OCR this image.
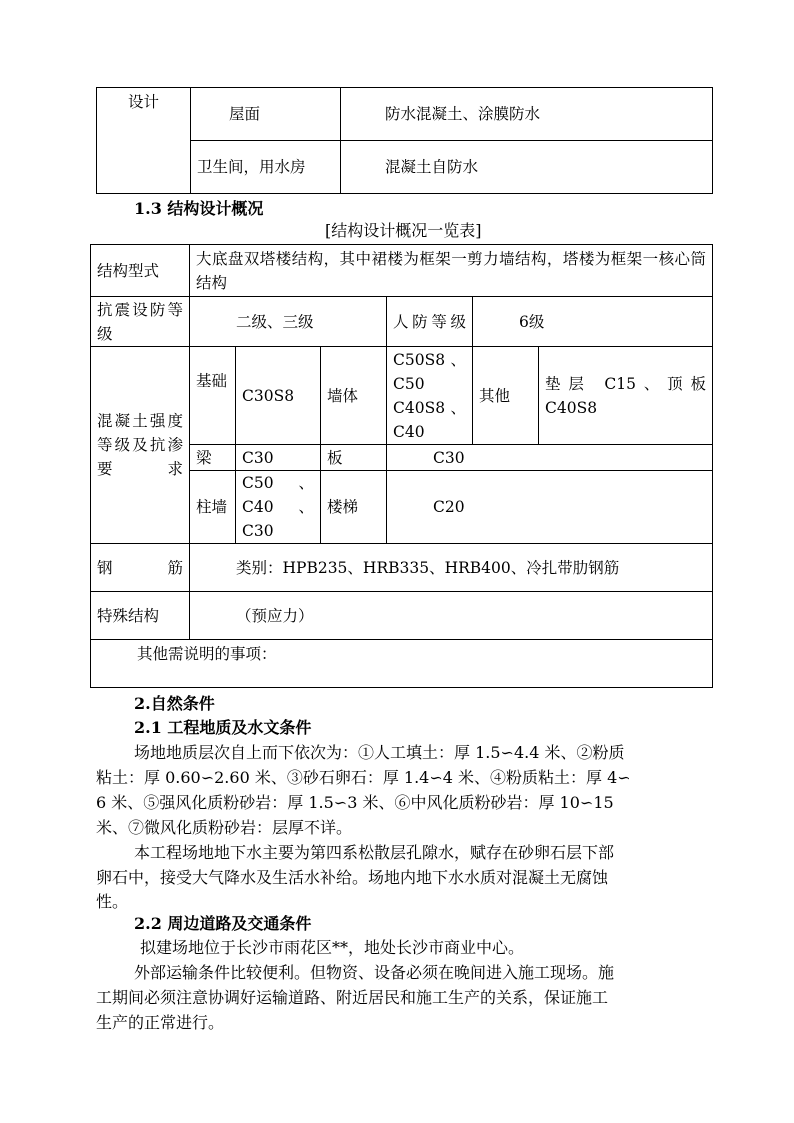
设计	屋面	防水混凝土、涂膜防水
	卫生间，用水房	混凝土自防水
1.3 结构设计概况
[结构设计概况一览表]
结构型式	大底盘双塔楼结构，其中裙楼为框架一剪力墙结构，塔楼为框架一核心筒结构					
抗震设防等级	二级、三级			人防等级	6级	
混凝土强度等级及抗渗要求	基础	C30S8	墙体	C50S8、C50 C40S8、C40	其他	垫层 C15、顶板C40S8
	梁	C30	板	C30		
	柱墙	C50 、C40、C30	楼梯	C20		
钢 筋	类别：HPB235、HRB335、HRB400、冷扎带肋钢筋					
特殊结构	（预应力）					
其他需说明的事项：						
2.自然条件
2.1 工程地质及水文条件
场地地质层次自上而下依次为：①人工填土：厚 1.5∽4.4 米、②粉质
粘土：厚 0.60∽2.60 米、③砂石卵石：厚 1.4∽4 米、④粉质粘土：厚 4∽
6 米、⑤强风化质粉砂岩：厚 1.5∽3 米、⑥中风化质粉砂岩：厚 10∽15
米、⑦微风化质粉砂岩：层厚不详。
本工程场地地下水主要为第四系松散层孔隙水，赋存在砂卵石层下部
卵石中，接受大气降水及生活水补给。场地内地下水水质对混凝土无腐蚀
性。
2.2 周边道路及交通条件
拟建场地位于长沙市雨花区**，地处长沙市商业中心。
外部运输条件比较便利。但物资、设备必须在晚间进入施工现场。施
工期间必须注意协调好运输道路、附近居民和施工生产的关系，保证施工
生产的正常进行。
